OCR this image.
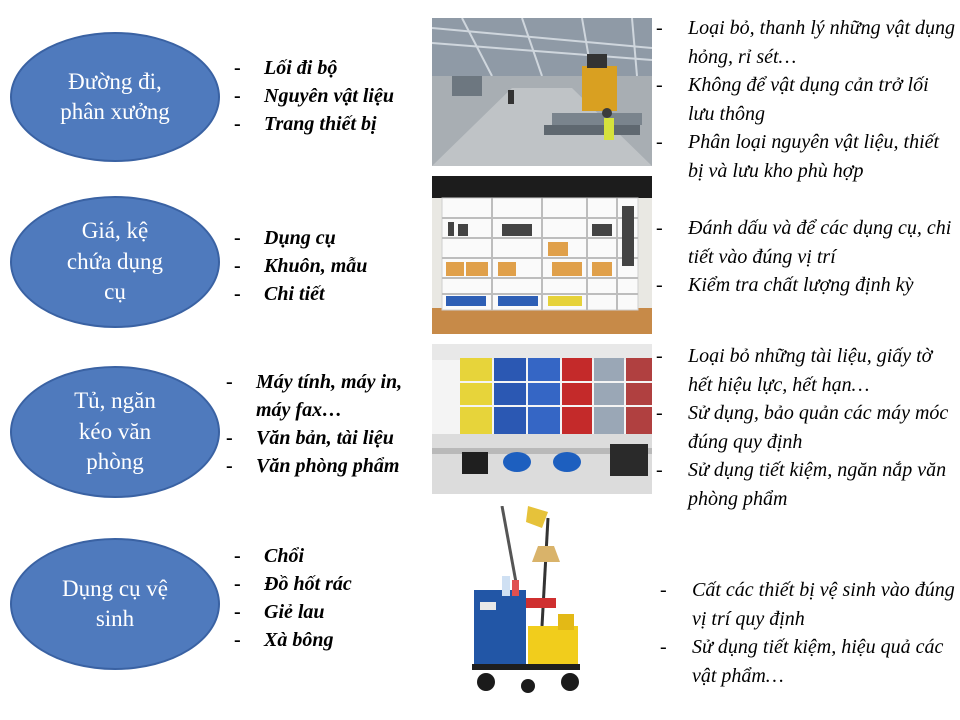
Đường đi,
phân xưởng
-	Lối đi bộ
-	Nguyên vật liệu
-	Trang thiết bị
-	Loại bỏ, thanh lý những vật dụng hỏng, rỉ sét…
-	Không để vật dụng cản trở lối lưu thông
-	Phân loại nguyên vật liệu, thiết bị và lưu kho phù hợp
Giá, kệ
chứa dụng
cụ
-	Dụng cụ
-	Khuôn, mẫu
-	Chi tiết
-	Đánh dấu và để các dụng cụ, chi tiết vào đúng vị trí
-	Kiểm tra chất lượng định kỳ
Tủ, ngăn
kéo văn
phòng
-	Máy tính, máy in, máy fax…
-	Văn bản, tài liệu
-	Văn phòng phẩm
-	Loại bỏ những tài liệu, giấy tờ hết hiệu lực, hết hạn…
-	Sử dụng, bảo quản các máy móc đúng quy định
-	Sử dụng tiết kiệm, ngăn nắp văn phòng phẩm
Dụng cụ vệ
sinh
-	Chổi
-	Đồ hốt rác
-	Giẻ lau
-	Xà bông
-	Cất các thiết bị vệ sinh vào đúng vị trí quy định
-	Sử dụng tiết kiệm, hiệu quả các vật phẩm…
